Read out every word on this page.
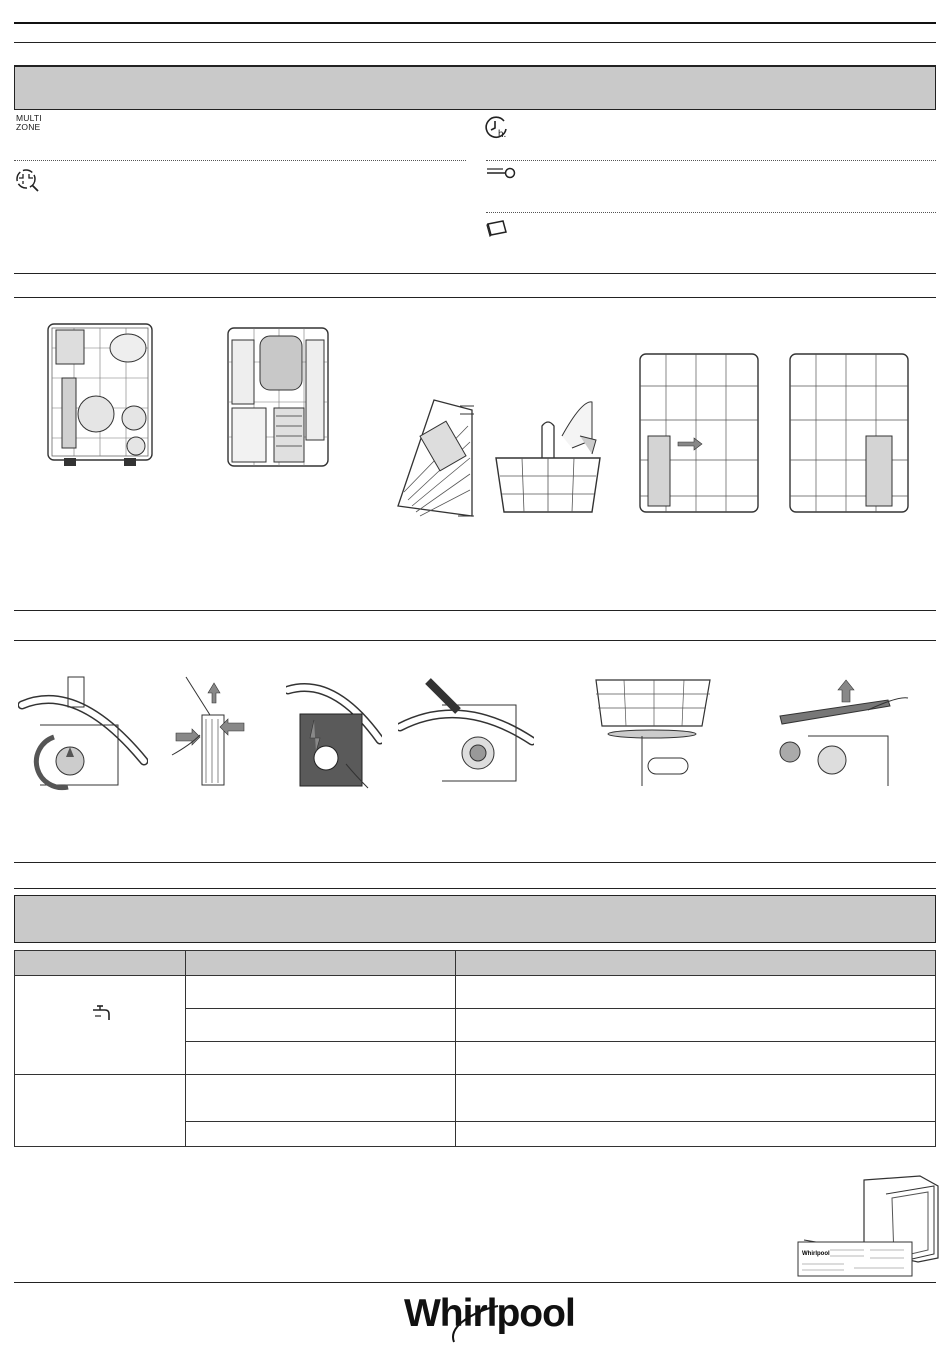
MULTI
ZONE
h.

Whirlpool
Whirlpool
